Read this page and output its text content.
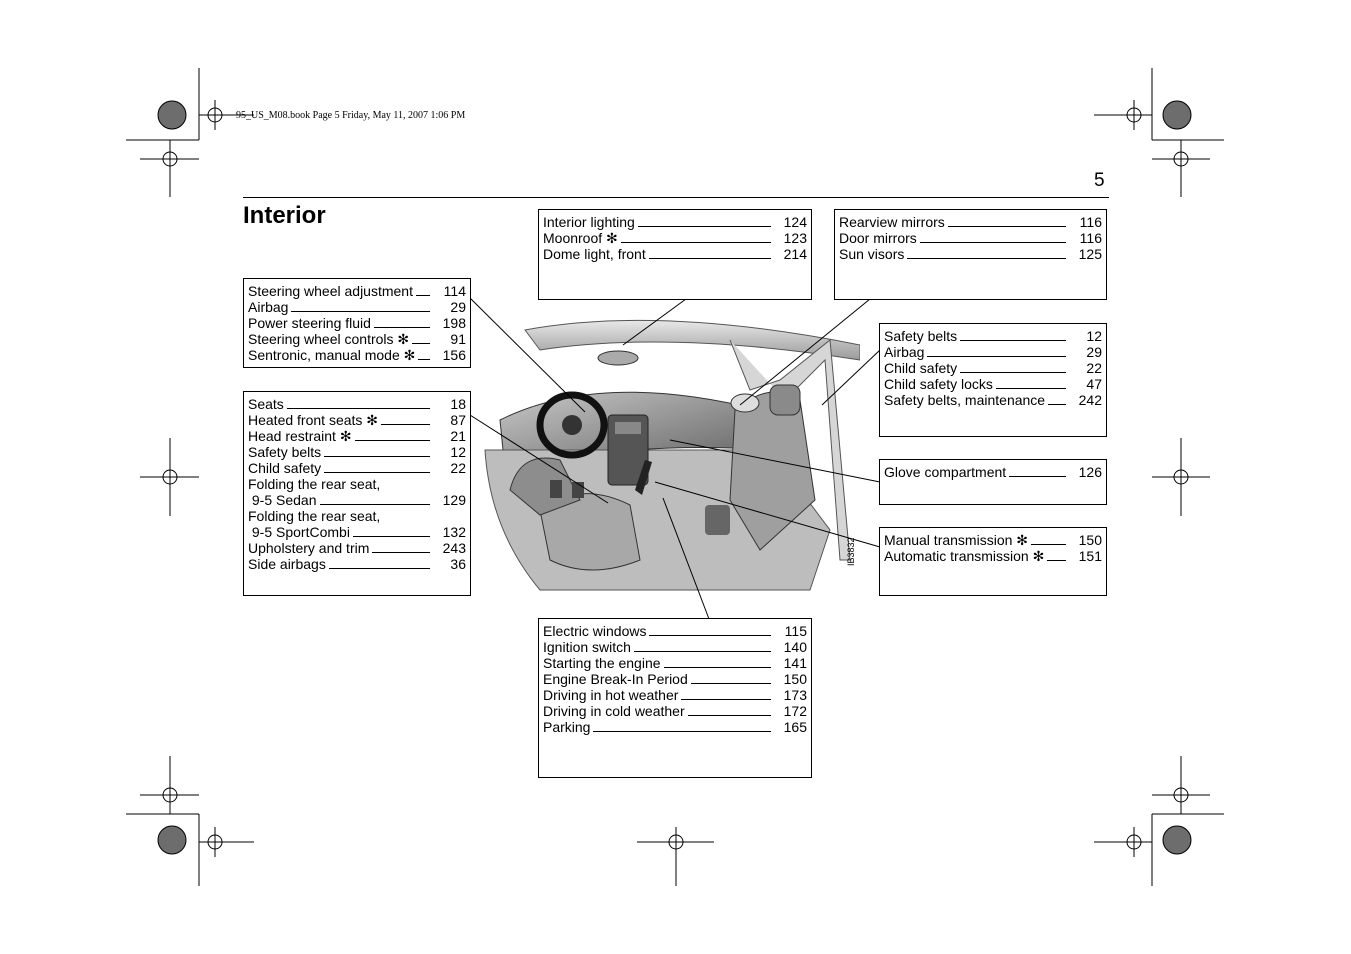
95_US_M08.book Page 5 Friday, May 11, 2007 1:06 PM
5
Interior
IB3832
Steering wheel adjustment	114
Airbag	29
Power steering fluid	198
Steering wheel controls ✻	91
Sentronic, manual mode ✻	156
Seats	18
Heated front seats ✻	87
Head restraint ✻	21
Safety belts	12
Child safety	22
Folding the rear seat,
9-5 Sedan	129
Folding the rear seat,
9-5 SportCombi	132
Upholstery and trim	243
Side airbags	36
Interior lighting	124
Moonroof ✻	123
Dome light, front	214
Rearview mirrors	116
Door mirrors	116
Sun visors	125
Safety belts	12
Airbag	29
Child safety	22
Child safety locks	47
Safety belts, maintenance	242
Glove compartment	126
Manual transmission ✻	150
Automatic transmission ✻	151
Electric windows	115
Ignition switch	140
Starting the engine	141
Engine Break-In Period	150
Driving in hot weather	173
Driving in cold weather	172
Parking	165
